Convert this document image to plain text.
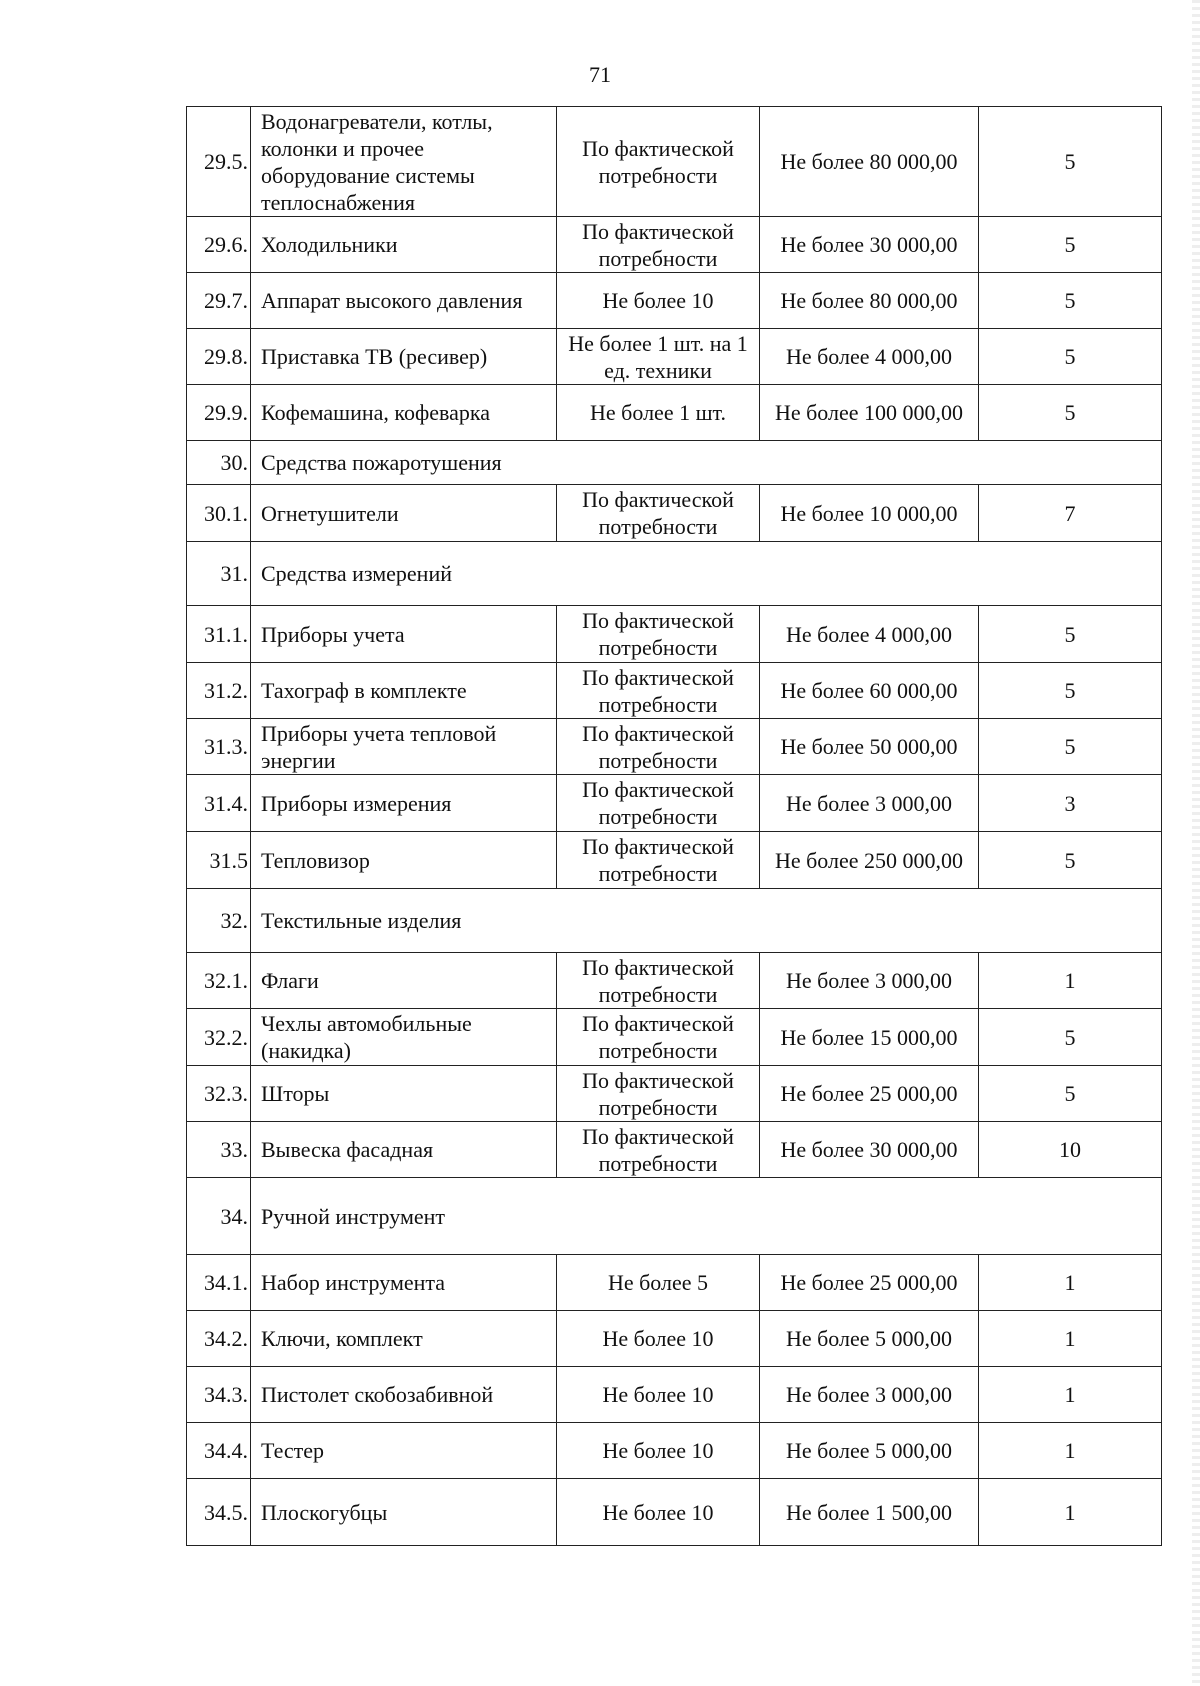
71
29.5.	Водонагреватели, котлы, колонки и прочее оборудование системы теплоснабжения	По фактической потребности	Не более 80 000,00	5
29.6.	Холодильники	По фактической потребности	Не более 30 000,00	5
29.7.	Аппарат высокого давления	Не более 10	Не более 80 000,00	5
29.8.	Приставка ТВ (ресивер)	Не более 1 шт. на 1 ед. техники	Не более 4 000,00	5
29.9.	Кофемашина, кофеварка	Не более 1 шт.	Не более 100 000,00	5
30.	Средства пожаротушения			
30.1.	Огнетушители	По фактической потребности	Не более 10 000,00	7
31.	Средства измерений			
31.1.	Приборы учета	По фактической потребности	Не более 4 000,00	5
31.2.	Тахограф в комплекте	По фактической потребности	Не более 60 000,00	5
31.3.	Приборы учета тепловой энергии	По фактической потребности	Не более 50 000,00	5
31.4.	Приборы измерения	По фактической потребности	Не более 3 000,00	3
31.5	Тепловизор	По фактической потребности	Не более 250 000,00	5
32.	Текстильные изделия			
32.1.	Флаги	По фактической потребности	Не более 3 000,00	1
32.2.	Чехлы автомобильные (накидка)	По фактической потребности	Не более 15 000,00	5
32.3.	Шторы	По фактической потребности	Не более 25 000,00	5
33.	Вывеска фасадная	По фактической потребности	Не более 30 000,00	10
34.	Ручной инструмент			
34.1.	Набор инструмента	Не более 5	Не более 25 000,00	1
34.2.	Ключи, комплект	Не более 10	Не более 5 000,00	1
34.3.	Пистолет скобозабивной	Не более 10	Не более 3 000,00	1
34.4.	Тестер	Не более 10	Не более 5 000,00	1
34.5.	Плоскогубцы	Не более 10	Не более 1 500,00	1
